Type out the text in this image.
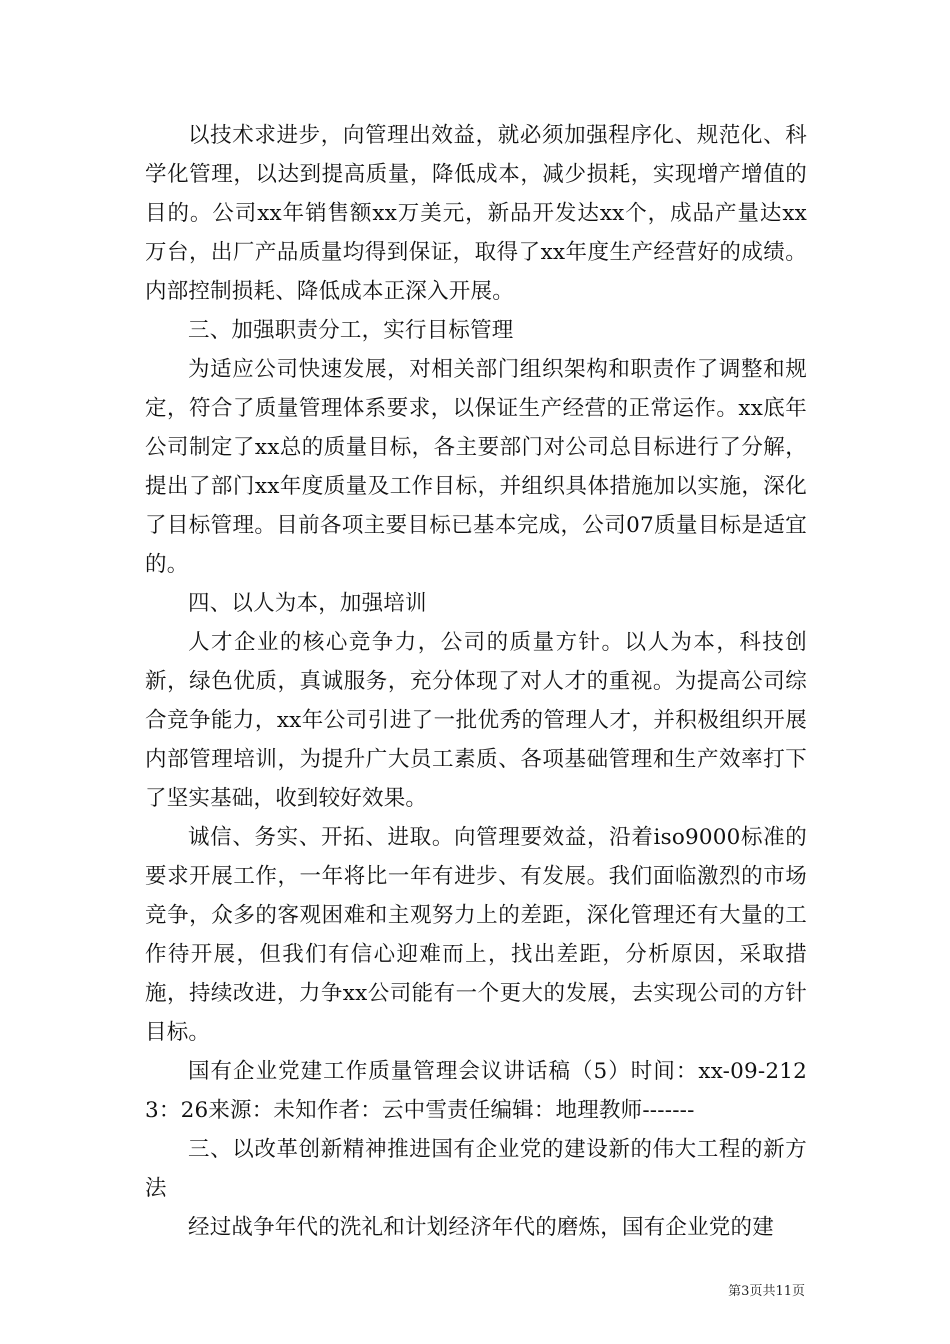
以技术求进步，向管理出效益，就必须加强程序化、规范化、科学化管理，以达到提高质量，降低成本，减少损耗，实现增产增值的目的。公司xx年销售额xx万美元，新品开发达xx个，成品产量达xx万台，出厂产品质量均得到保证，取得了xx年度生产经营好的成绩。内部控制损耗、降低成本正深入开展。

三、加强职责分工，实行目标管理

为适应公司快速发展，对相关部门组织架构和职责作了调整和规定，符合了质量管理体系要求，以保证生产经营的正常运作。xx底年公司制定了xx总的质量目标，各主要部门对公司总目标进行了分解，提出了部门xx年度质量及工作目标，并组织具体措施加以实施，深化了目标管理。目前各项主要目标已基本完成，公司07质量目标是适宜的。

四、以人为本，加强培训

人才企业的核心竞争力，公司的质量方针。以人为本，科技创新，绿色优质，真诚服务，充分体现了对人才的重视。为提高公司综合竞争能力，xx年公司引进了一批优秀的管理人才，并积极组织开展内部管理培训，为提升广大员工素质、各项基础管理和生产效率打下了坚实基础，收到较好效果。

诚信、务实、开拓、进取。向管理要效益，沿着iso9000标准的要求开展工作，一年将比一年有进步、有发展。我们面临激烈的市场竞争，众多的客观困难和主观努力上的差距，深化管理还有大量的工作待开展，但我们有信心迎难而上，找出差距，分析原因，采取措施，持续改进，力争xx公司能有一个更大的发展，去实现公司的方针目标。

国有企业党建工作质量管理会议讲话稿（5）时间：xx-09-2123：26来源：未知作者：云中雪责任编辑：地理教师-------

三、以改革创新精神推进国有企业党的建设新的伟大工程的新方法

经过战争年代的洗礼和计划经济年代的磨炼，国有企业党的建

第3页共11页
